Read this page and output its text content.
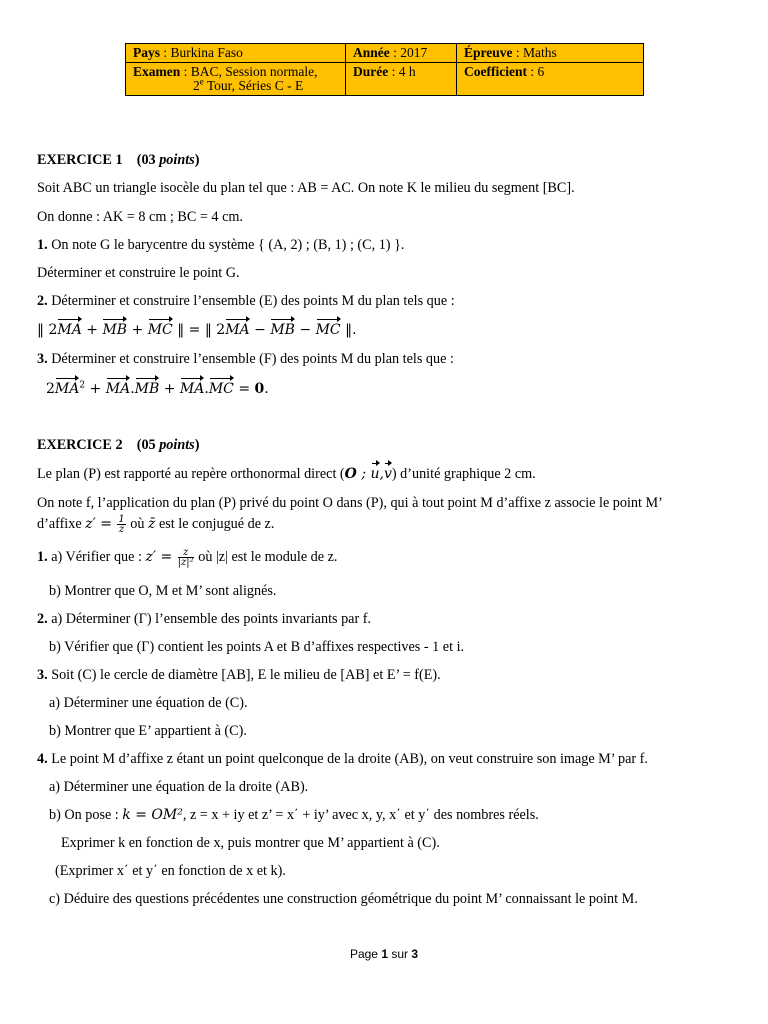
Pays : Burkina Faso	Année : 2017	Épreuve : Maths
Examen : BAC, Session normale,
2e Tour, Séries C - E	Durée : 4 h	Coefficient : 6
EXERCICE 1 (03 points)
Soit ABC un triangle isocèle du plan tel que : AB = AC. On note K le milieu du segment [BC].
On donne : AK = 8 cm ; BC = 4 cm.
1. On note G le barycentre du système { (A, 2) ; (B, 1) ; (C, 1) }.
Déterminer et construire le point G.
2. Déterminer et construire l’ensemble (E) des points M du plan tels que :
‖ 2MA + MB + MC ‖ = ‖ 2MA − MB − MC ‖.
3. Déterminer et construire l’ensemble (F) des points M du plan tels que :
$2MA^2 + MA.MB + MA.MC = 0$.
EXERCICE 2 (05 points)
Le plan (P) est rapporté au repère orthonormal direct (O ; u,v) d’unité graphique 2 cm.
On note f, l’application du plan (P) privé du point O dans (P), qui à tout point M d’affixe z associe le point M’
d’affixe $z' = \frac{1}{z̄}$ où z̄ est le conjugué de z.
1. a) Vérifier que : $z' = \frac{z}{\text{|z|²}}$ où |z| est le module de z.
b) Montrer que O, M et M’ sont alignés.
2. a) Déterminer (Γ) l’ensemble des points invariants par f.
b) Vérifier que (Γ) contient les points A et B d’affixes respectives - 1 et i.
3. Soit (C) le cercle de diamètre [AB], E le milieu de [AB] et E’ = f(E).
a) Déterminer une équation de (C).
b) Montrer que E’ appartient à (C).
4. Le point M d’affixe z étant un point quelconque de la droite (AB), on veut construire son image M’ par f.
a) Déterminer une équation de la droite (AB).
b) On pose : k = OM², z = x + iy et z’ = x΄ + iy’ avec x, y, x΄ et y΄ des nombres réels.
Exprimer k en fonction de x, puis montrer que M’ appartient à (C).
(Exprimer x΄ et y΄ en fonction de x et k).
c) Déduire des questions précédentes une construction géométrique du point M’ connaissant le point M.
Page 1 sur 3
